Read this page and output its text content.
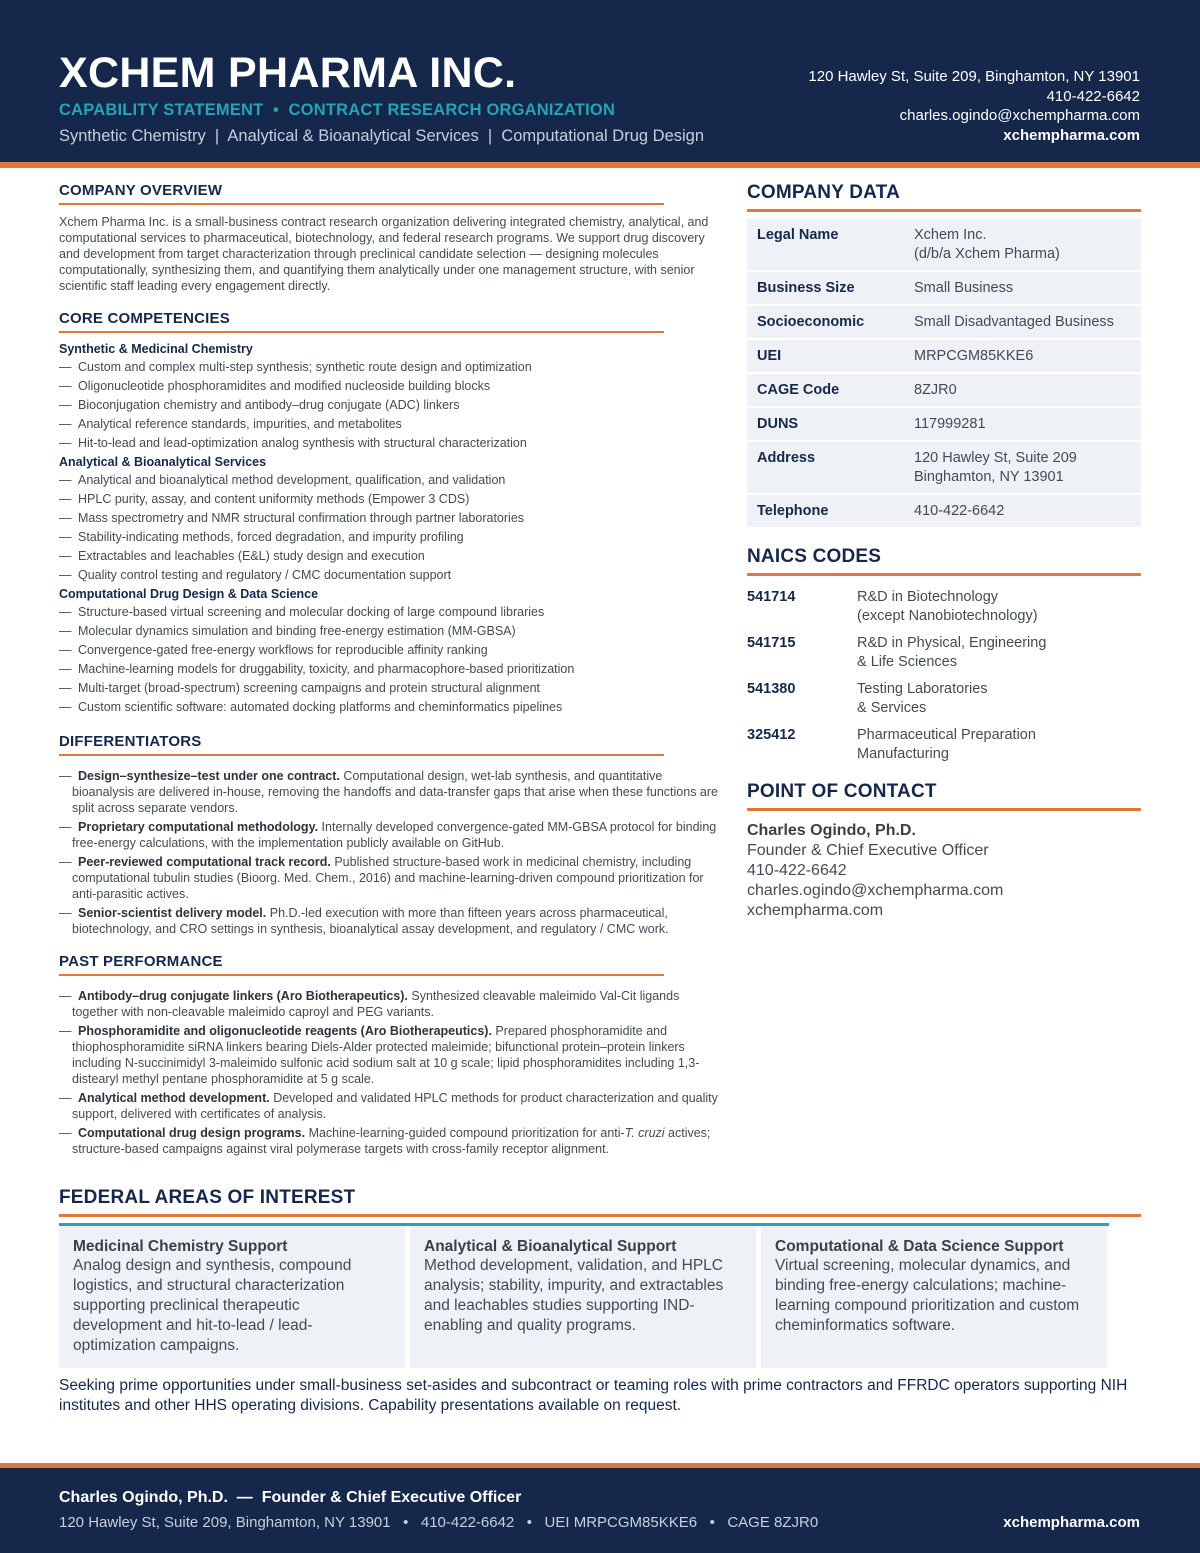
XCHEM PHARMA INC.
CAPABILITY STATEMENT  •  CONTRACT RESEARCH ORGANIZATION
Synthetic Chemistry  |  Analytical & Bioanalytical Services  |  Computational Drug Design
120 Hawley St, Suite 209, Binghamton, NY 13901
410-422-6642
charles.ogindo@xchempharma.com
xchempharma.com
COMPANY OVERVIEW
Xchem Pharma Inc. is a small-business contract research organization delivering integrated chemistry, analytical, and computational services to pharmaceutical, biotechnology, and federal research programs. We support drug discovery and development from target characterization through preclinical candidate selection — designing molecules computationally, synthesizing them, and quantifying them analytically under one management structure, with senior scientific staff leading every engagement directly.
CORE COMPETENCIES
Synthetic & Medicinal Chemistry
— Custom and complex multi-step synthesis; synthetic route design and optimization
— Oligonucleotide phosphoramidites and modified nucleoside building blocks
— Bioconjugation chemistry and antibody–drug conjugate (ADC) linkers
— Analytical reference standards, impurities, and metabolites
— Hit-to-lead and lead-optimization analog synthesis with structural characterization
Analytical & Bioanalytical Services
— Analytical and bioanalytical method development, qualification, and validation
— HPLC purity, assay, and content uniformity methods (Empower 3 CDS)
— Mass spectrometry and NMR structural confirmation through partner laboratories
— Stability-indicating methods, forced degradation, and impurity profiling
— Extractables and leachables (E&L) study design and execution
— Quality control testing and regulatory / CMC documentation support
Computational Drug Design & Data Science
— Structure-based virtual screening and molecular docking of large compound libraries
— Molecular dynamics simulation and binding free-energy estimation (MM-GBSA)
— Convergence-gated free-energy workflows for reproducible affinity ranking
— Machine-learning models for druggability, toxicity, and pharmacophore-based prioritization
— Multi-target (broad-spectrum) screening campaigns and protein structural alignment
— Custom scientific software: automated docking platforms and cheminformatics pipelines
DIFFERENTIATORS
— Design–synthesize–test under one contract. Computational design, wet-lab synthesis, and quantitative bioanalysis are delivered in-house, removing the handoffs and data-transfer gaps that arise when these functions are split across separate vendors.
— Proprietary computational methodology. Internally developed convergence-gated MM-GBSA protocol for binding free-energy calculations, with the implementation publicly available on GitHub.
— Peer-reviewed computational track record. Published structure-based work in medicinal chemistry, including computational tubulin studies (Bioorg. Med. Chem., 2016) and machine-learning-driven compound prioritization for anti-parasitic actives.
— Senior-scientist delivery model. Ph.D.-led execution with more than fifteen years across pharmaceutical, biotechnology, and CRO settings in synthesis, bioanalytical assay development, and regulatory / CMC work.
PAST PERFORMANCE
— Antibody–drug conjugate linkers (Aro Biotherapeutics). Synthesized cleavable maleimido Val-Cit ligands together with non-cleavable maleimido caproyl and PEG variants.
— Phosphoramidite and oligonucleotide reagents (Aro Biotherapeutics). Prepared phosphoramidite and thiophosphoramidite siRNA linkers bearing Diels-Alder protected maleimide; bifunctional protein–protein linkers including N-succinimidyl 3-maleimido sulfonic acid sodium salt at 10 g scale; lipid phosphoramidites including 1,3-distearyl methyl pentane phosphoramidite at 5 g scale.
— Analytical method development. Developed and validated HPLC methods for product characterization and quality support, delivered with certificates of analysis.
— Computational drug design programs. Machine-learning-guided compound prioritization for anti-T. cruzi actives; structure-based campaigns against viral polymerase targets with cross-family receptor alignment.
COMPANY DATA
Legal Name	Xchem Inc.
(d/b/a Xchem Pharma)
Business Size	Small Business
Socioeconomic	Small Disadvantaged Business
UEI	MRPCGM85KKE6
CAGE Code	8ZJR0
DUNS	117999281
Address	120 Hawley St, Suite 209
Binghamton, NY 13901
Telephone	410-422-6642
NAICS CODES
541714	R&D in Biotechnology
(except Nanobiotechnology)
541715	R&D in Physical, Engineering
& Life Sciences
541380	Testing Laboratories
& Services
325412	Pharmaceutical Preparation
Manufacturing
POINT OF CONTACT
Charles Ogindo, Ph.D.
Founder & Chief Executive Officer
410-422-6642
charles.ogindo@xchempharma.com
xchempharma.com
FEDERAL AREAS OF INTEREST
Medicinal Chemistry Support
Analog design and synthesis, compound logistics, and structural characterization supporting preclinical therapeutic development and hit-to-lead / lead-optimization campaigns.
Analytical & Bioanalytical Support
Method development, validation, and HPLC analysis; stability, impurity, and extractables and leachables studies supporting IND-enabling and quality programs.
Computational & Data Science Support
Virtual screening, molecular dynamics, and binding free-energy calculations; machine-learning compound prioritization and custom cheminformatics software.
Seeking prime opportunities under small-business set-asides and subcontract or teaming roles with prime contractors and FFRDC operators supporting NIH institutes and other HHS operating divisions. Capability presentations available on request.
Charles Ogindo, Ph.D.  —  Founder & Chief Executive Officer
120 Hawley St, Suite 209, Binghamton, NY 13901   •   410-422-6642   •   UEI MRPCGM85KKE6   •   CAGE 8ZJR0	xchempharma.com
